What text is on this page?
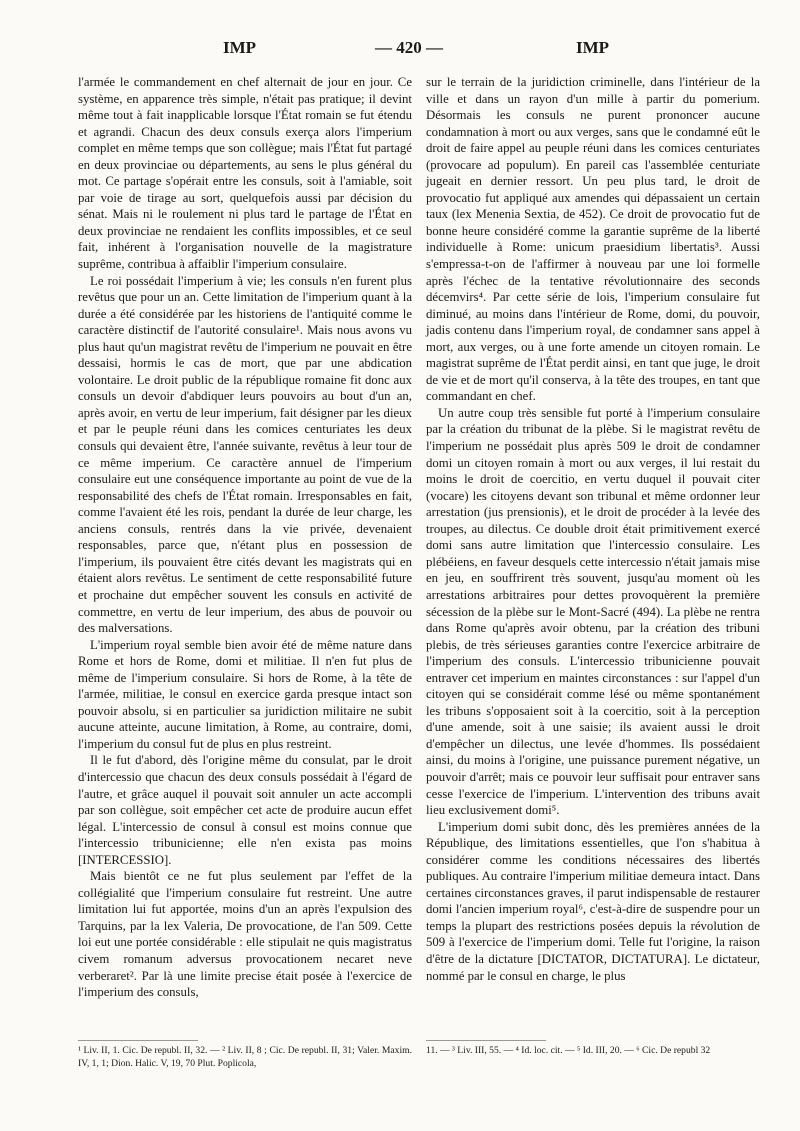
IMP	— 420 —	IMP

l'armée le commandement en chef alternait de jour en jour. Ce système, en apparence très simple, n'était pas pratique; il devint même tout à fait inapplicable lorsque l'État romain se fut étendu et agrandi. Chacun des deux consuls exerça alors l'imperium complet en même temps que son collègue; mais l'État fut partagé en deux provinciae ou départements, au sens le plus général du mot. Ce partage s'opérait entre les consuls, soit à l'amiable, soit par voie de tirage au sort, quelquefois aussi par décision du sénat. Mais ni le roulement ni plus tard le partage de l'État en deux provinciae ne rendaient les conflits impossibles, et ce seul fait, inhérent à l'organisation nouvelle de la magistrature suprême, contribua à affaiblir l'imperium consulaire.

Le roi possédait l'imperium à vie; les consuls n'en furent plus revêtus que pour un an. Cette limitation de l'imperium quant à la durée a été considérée par les historiens de l'antiquité comme le caractère distinctif de l'autorité consulaire¹. Mais nous avons vu plus haut qu'un magistrat revêtu de l'imperium ne pouvait en être dessaisi, hormis le cas de mort, que par une abdication volontaire. Le droit public de la république romaine fit donc aux consuls un devoir d'abdiquer leurs pouvoirs au bout d'un an, après avoir, en vertu de leur imperium, fait désigner par les dieux et par le peuple réuni dans les comices centuriates les deux consuls qui devaient être, l'année suivante, revêtus à leur tour de ce même imperium. Ce caractère annuel de l'imperium consulaire eut une conséquence importante au point de vue de la responsabilité des chefs de l'État romain. Irresponsables en fait, comme l'avaient été les rois, pendant la durée de leur charge, les anciens consuls, rentrés dans la vie privée, devenaient responsables, parce que, n'étant plus en possession de l'imperium, ils pouvaient être cités devant les magistrats qui en étaient alors revêtus. Le sentiment de cette responsabilité future et prochaine dut empêcher souvent les consuls en activité de commettre, en vertu de leur imperium, des abus de pouvoir ou des malversations.

L'imperium royal semble bien avoir été de même nature dans Rome et hors de Rome, domi et militiae. Il n'en fut plus de même de l'imperium consulaire. Si hors de Rome, à la tête de l'armée, militiae, le consul en exercice garda presque intact son pouvoir absolu, si en particulier sa juridiction militaire ne subit aucune atteinte, aucune limitation, à Rome, au contraire, domi, l'imperium du consul fut de plus en plus restreint.

Il le fut d'abord, dès l'origine même du consulat, par le droit d'intercessio que chacun des deux consuls possédait à l'égard de l'autre, et grâce auquel il pouvait soit annuler un acte accompli par son collègue, soit empêcher cet acte de produire aucun effet légal. L'intercessio de consul à consul est moins connue que l'intercessio tribunicienne; elle n'en exista pas moins [INTERCESSIO].

Mais bientôt ce ne fut plus seulement par l'effet de la collégialité que l'imperium consulaire fut restreint. Une autre limitation lui fut apportée, moins d'un an après l'expulsion des Tarquins, par la lex Valeria, De provocatione, de l'an 509. Cette loi eut une portée considérable : elle stipulait ne quis magistratus civem romanum adversus provocationem necaret neve verberaret². Par là une limite precise était posée à l'exercice de l'imperium des consuls,

sur le terrain de la juridiction criminelle, dans l'intérieur de la ville et dans un rayon d'un mille à partir du pomerium. Désormais les consuls ne purent prononcer aucune condamnation à mort ou aux verges, sans que le condamné eût le droit de faire appel au peuple réuni dans les comices centuriates (provocare ad populum). En pareil cas l'assemblée centuriate jugeait en dernier ressort. Un peu plus tard, le droit de provocatio fut appliqué aux amendes qui dépassaient un certain taux (lex Menenia Sextia, de 452). Ce droit de provocatio fut de bonne heure considéré comme la garantie suprême de la liberté individuelle à Rome: unicum praesidium libertatis³. Aussi s'empressa-t-on de l'affirmer à nouveau par une loi formelle après l'échec de la tentative révolutionnaire des seconds décemvirs⁴. Par cette série de lois, l'imperium consulaire fut diminué, au moins dans l'intérieur de Rome, domi, du pouvoir, jadis contenu dans l'imperium royal, de condamner sans appel à mort, aux verges, ou à une forte amende un citoyen romain. Le magistrat suprême de l'État perdit ainsi, en tant que juge, le droit de vie et de mort qu'il conserva, à la tête des troupes, en tant que commandant en chef.

Un autre coup très sensible fut porté à l'imperium consulaire par la création du tribunat de la plèbe. Si le magistrat revêtu de l'imperium ne possédait plus après 509 le droit de condamner domi un citoyen romain à mort ou aux verges, il lui restait du moins le droit de coercitio, en vertu duquel il pouvait citer (vocare) les citoyens devant son tribunal et même ordonner leur arrestation (jus prensionis), et le droit de procéder à la levée des troupes, au dilectus. Ce double droit était primitivement exercé domi sans autre limitation que l'intercessio consulaire. Les plébéiens, en faveur desquels cette intercessio n'était jamais mise en jeu, en souffrirent très souvent, jusqu'au moment où les arrestations arbitraires pour dettes provoquèrent la première sécession de la plèbe sur le Mont-Sacré (494). La plèbe ne rentra dans Rome qu'après avoir obtenu, par la création des tribuni plebis, de très sérieuses garanties contre l'exercice arbitraire de l'imperium des consuls. L'intercessio tribunicienne pouvait entraver cet imperium en maintes circonstances : sur l'appel d'un citoyen qui se considérait comme lésé ou même spontanément les tribuns s'opposaient soit à la coercitio, soit à la perception d'une amende, soit à une saisie; ils avaient aussi le droit d'empêcher un dilectus, une levée d'hommes. Ils possédaient ainsi, du moins à l'origine, une puissance purement négative, un pouvoir d'arrêt; mais ce pouvoir leur suffisait pour entraver sans cesse l'exercice de l'imperium. L'intervention des tribuns avait lieu exclusivement domi⁵.

L'imperium domi subit donc, dès les premières années de la République, des limitations essentielles, que l'on s'habitua à considérer comme les conditions nécessaires des libertés publiques. Au contraire l'imperium militiae demeura intact. Dans certaines circonstances graves, il parut indispensable de restaurer domi l'ancien imperium royal⁶, c'est-à-dire de suspendre pour un temps la plupart des restrictions posées depuis la révolution de 509 à l'exercice de l'imperium domi. Telle fut l'origine, la raison d'être de la dictature [DICTATOR, DICTATURA]. Le dictateur, nommé par le consul en charge, le plus

¹ Liv. II, 1. Cic. De republ. II, 32. — ² Liv. II, 8 ; Cic. De republ. II, 31; Valer. Maxim. IV, 1, 1; Dion. Halic. V, 19, 70 Plut. Poplicola,
11. — ³ Liv. III, 55. — ⁴ Id. loc. cit. — ⁵ Id. III, 20. — ⁶ Cic. De republ 32
